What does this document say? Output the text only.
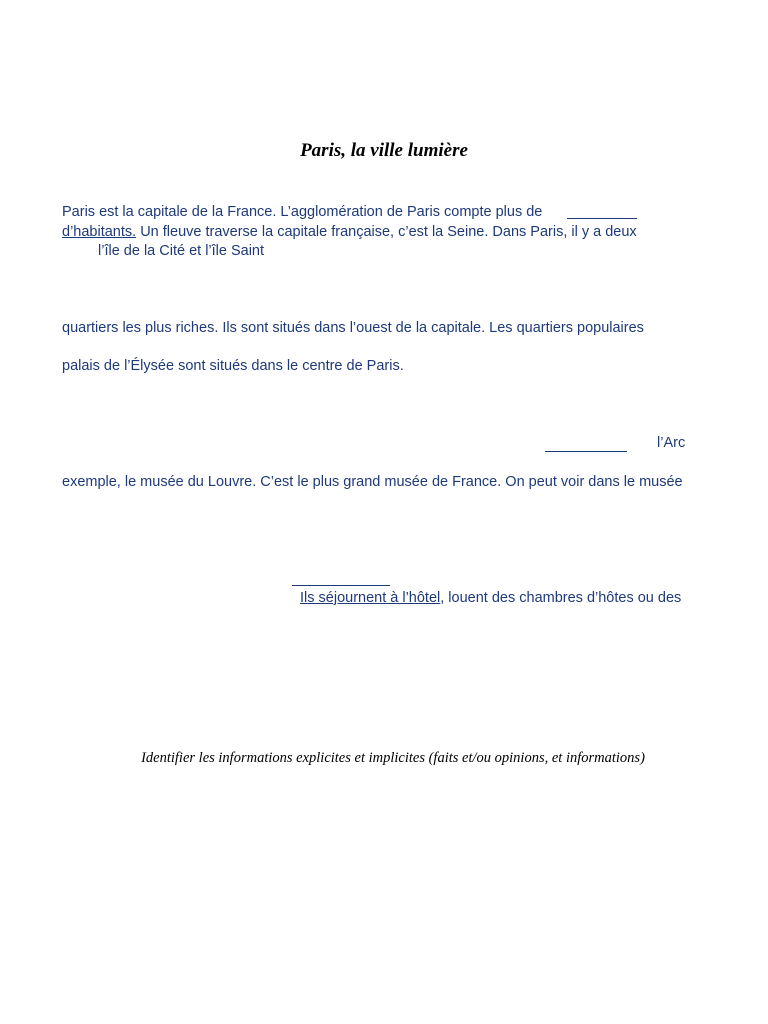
Paris, la ville lumière
Paris est la capitale de la France. L’agglomération de Paris compte plus de
d’habitants. Un fleuve traverse la capitale française, c’est la Seine. Dans Paris, il y a deux
l’île de la Cité et l’île Saint
quartiers les plus riches. Ils sont situés dans l’ouest de la capitale. Les quartiers populaires
palais de l’Élysée sont situés dans le centre de Paris.
l’Arc
exemple, le musée du Louvre. C’est le plus grand musée de France. On peut voir dans le musée
Ils séjournent à l’hôtel, louent des chambres d’hôtes ou des
Identifier les informations explicites et implicites (faits et/ou opinions, et informations)
